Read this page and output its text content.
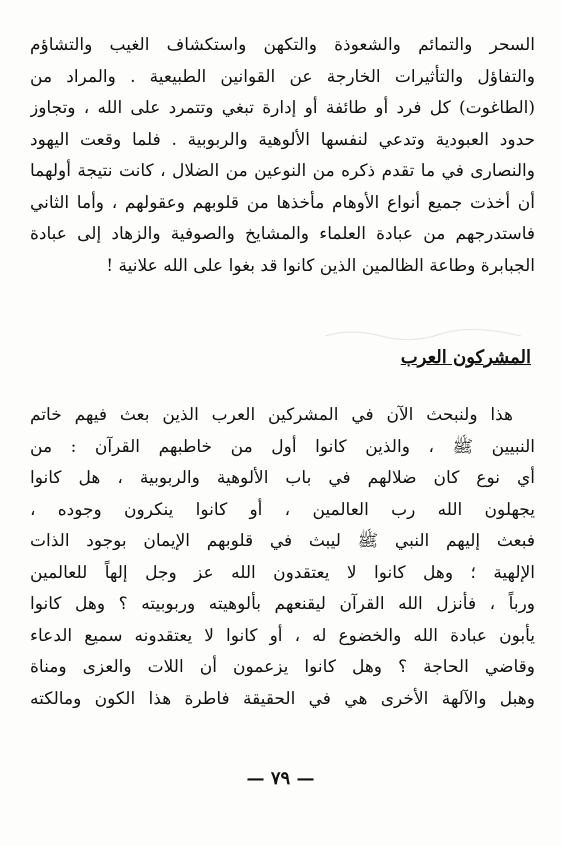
السحر والتمائم والشعوذة والتكهن واستكشاف الغيب والتشاؤم
والتفاؤل والتأثيرات الخارجة عن القوانين الطبيعية . والمراد من
(الطاغوت) كل فرد أو طائفة أو إدارة تبغي وتتمرد على الله ، وتجاوز
حدود العبودية وتدعي لنفسها الألوهية والربوبية . فلما وقعت اليهود
والنصارى في ما تقدم ذكره من النوعين من الضلال ، كانت نتيجة أولهما
أن أخذت جميع أنواع الأوهام مأخذها من قلوبهم وعقولهم ، وأما الثاني
فاستدرجهم من عبادة العلماء والمشايخ والصوفية والزهاد إلى عبادة
الجبابرة وطاعة الظالمين الذين كانوا قد بغوا على الله علانية !
المشركون العرب
هذا ولنبحث الآن في المشركين العرب الذين بعث فيهم خاتم
النبيين ﷺ ، والذين كانوا أول من خاطبهم القرآن : من
أي نوع كان ضلالهم في باب الألوهية والربوبية ، هل كانوا
يجهلون الله رب العالمين ، أو كانوا ينكرون وجوده ،
فبعث إليهم النبي ﷺ ليبث في قلوبهم الإيمان بوجود الذات
الإلهية ؛ وهل كانوا لا يعتقدون الله عز وجل إلهاً للعالمين
ورباً ، فأنزل الله القرآن ليقنعهم بألوهيته وربوبيته ؟ وهل كانوا
يأبون عبادة الله والخضوع له ، أو كانوا لا يعتقدونه سميع الدعاء
وقاضي الحاجة ؟ وهل كانوا يزعمون أن اللات والعزى ومناة
وهبل والآلهة الأخرى هي في الحقيقة فاطرة هذا الكون ومالكته
— ٧٩ —
